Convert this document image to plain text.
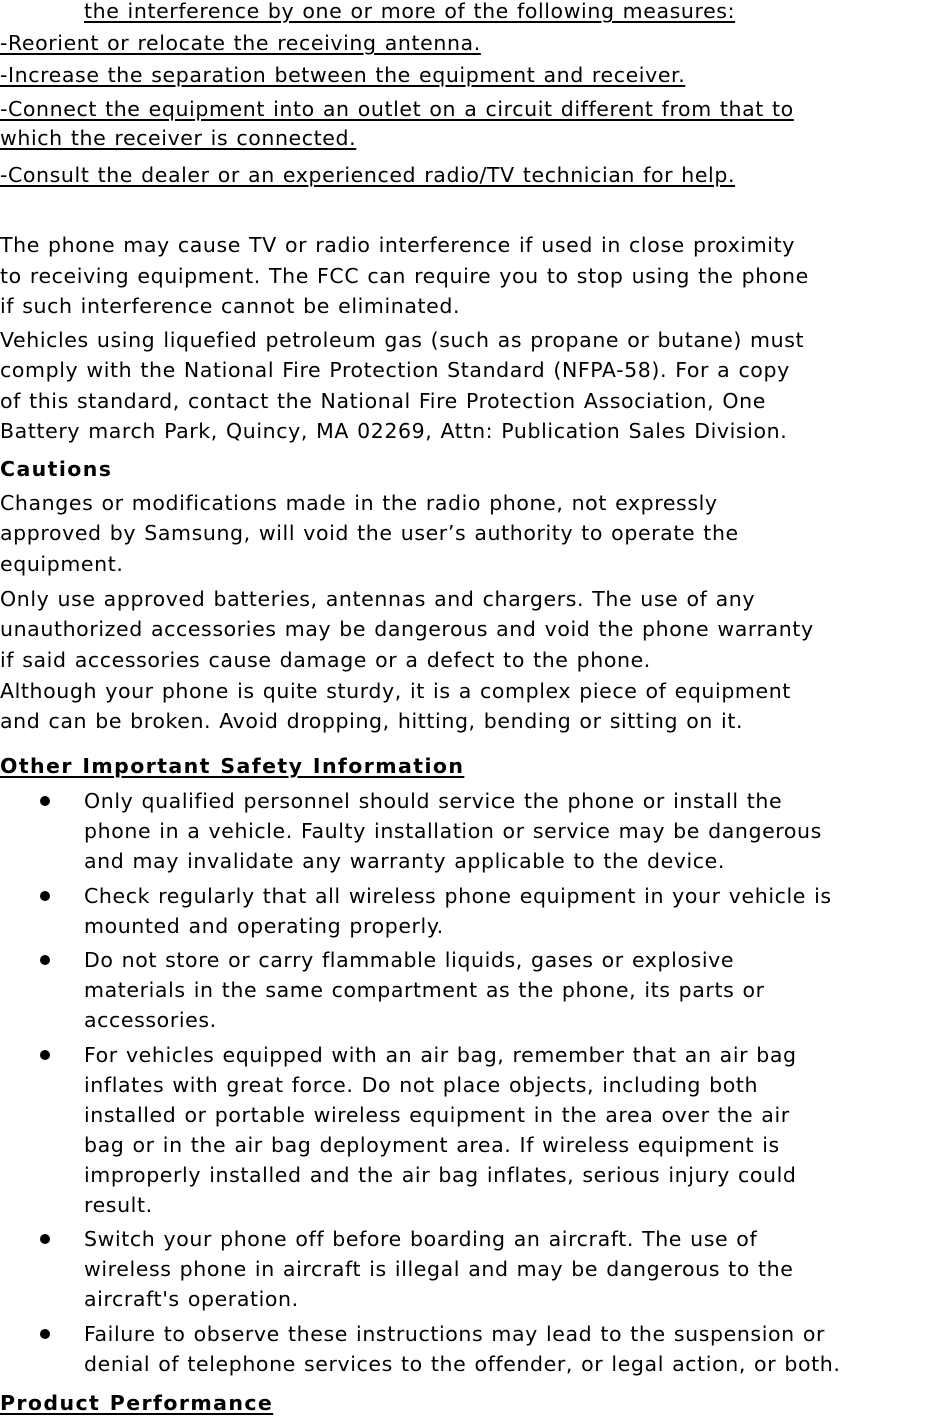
the interference by one or more of the following measures:
-Reorient or relocate the receiving antenna.
-Increase the separation between the equipment and receiver.
-Connect the equipment into an outlet on a circuit different from that to
which the receiver is connected.
-Consult the dealer or an experienced radio/TV technician for help.
The phone may cause TV or radio interference if used in close proximity
to receiving equipment. The FCC can require you to stop using the phone
if such interference cannot be eliminated.
Vehicles using liquefied petroleum gas (such as propane or butane) must
comply with the National Fire Protection Standard (NFPA-58). For a copy
of this standard, contact the National Fire Protection Association, One
Battery march Park, Quincy, MA 02269, Attn: Publication Sales Division.
Cautions
Changes or modifications made in the radio phone, not expressly
approved by Samsung, will void the user’s authority to operate the
equipment.
Only use approved batteries, antennas and chargers. The use of any
unauthorized accessories may be dangerous and void the phone warranty
if said accessories cause damage or a defect to the phone.
Although your phone is quite sturdy, it is a complex piece of equipment
and can be broken. Avoid dropping, hitting, bending or sitting on it.
Other Important Safety Information
Only qualified personnel should service the phone or install the
phone in a vehicle. Faulty installation or service may be dangerous
and may invalidate any warranty applicable to the device.
Check regularly that all wireless phone equipment in your vehicle is
mounted and operating properly.
Do not store or carry flammable liquids, gases or explosive
materials in the same compartment as the phone, its parts or
accessories.
For vehicles equipped with an air bag, remember that an air bag
inflates with great force. Do not place objects, including both
installed or portable wireless equipment in the area over the air
bag or in the air bag deployment area. If wireless equipment is
improperly installed and the air bag inflates, serious injury could
result.
Switch your phone off before boarding an aircraft. The use of
wireless phone in aircraft is illegal and may be dangerous to the
aircraft's operation.
Failure to observe these instructions may lead to the suspension or
denial of telephone services to the offender, or legal action, or both.
Product Performance
